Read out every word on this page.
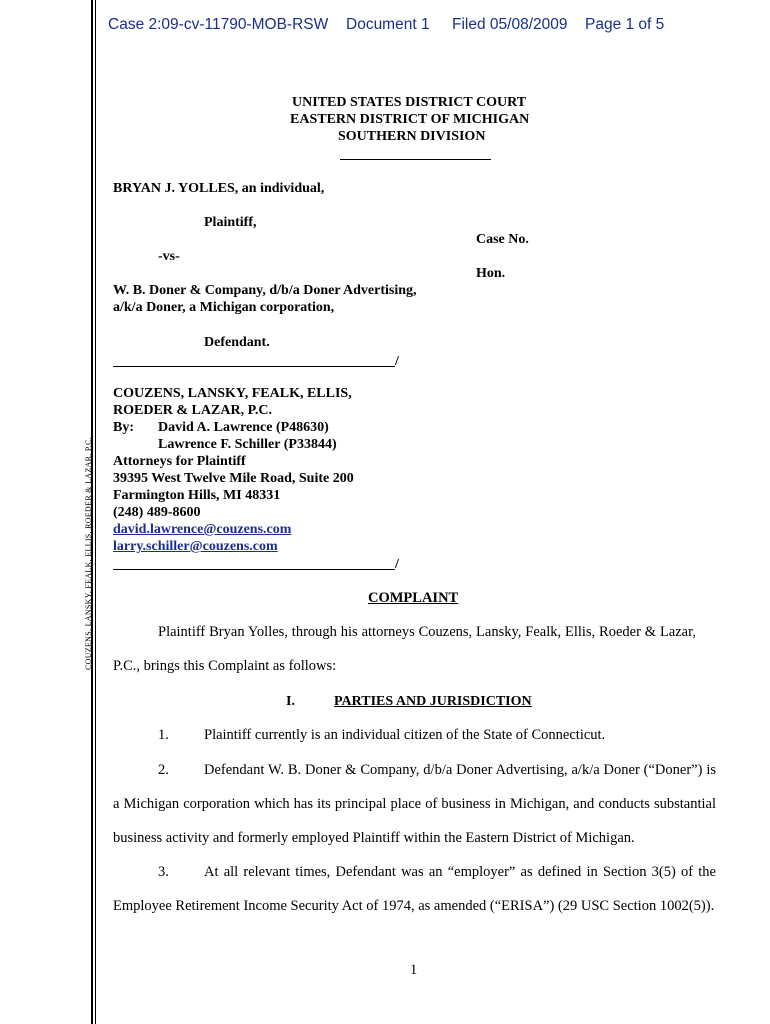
Case 2:09-cv-11790-MOB-RSW Document 1 Filed 05/08/2009 Page 1 of 5
UNITED STATES DISTRICT COURT
EASTERN DISTRICT OF MICHIGAN
SOUTHERN DIVISION
BRYAN J. YOLLES, an individual,
Plaintiff,
Case No.
-vs-
Hon.
W. B. Doner & Company, d/b/a Doner Advertising,
a/k/a Doner, a Michigan corporation,
Defendant.
/
COUZENS, LANSKY, FEALK, ELLIS,
ROEDER & LAZAR, P.C.
By: David A. Lawrence (P48630)
Lawrence F. Schiller (P33844)
Attorneys for Plaintiff
39395 West Twelve Mile Road, Suite 200
Farmington Hills, MI 48331
(248) 489-8600
david.lawrence@couzens.com
larry.schiller@couzens.com
/
COMPLAINT
Plaintiff Bryan Yolles, through his attorneys Couzens, Lansky, Fealk, Ellis, Roeder & Lazar,
P.C., brings this Complaint as follows:
I.	PARTIES AND JURISDICTION
1. Plaintiff currently is an individual citizen of the State of Connecticut.
2. Defendant W. B. Doner & Company, d/b/a Doner Advertising, a/k/a Doner (“Doner”) is
a Michigan corporation which has its principal place of business in Michigan, and conducts substantial
business activity and formerly employed Plaintiff within the Eastern District of Michigan.
3. At all relevant times, Defendant was an “employer” as defined in Section 3(5) of the
Employee Retirement Income Security Act of 1974, as amended (“ERISA”) (29 USC Section 1002(5)).
1
COUZENS, LANSKY, FEALK, ELLIS, ROEDER & LAZAR, P.C.
